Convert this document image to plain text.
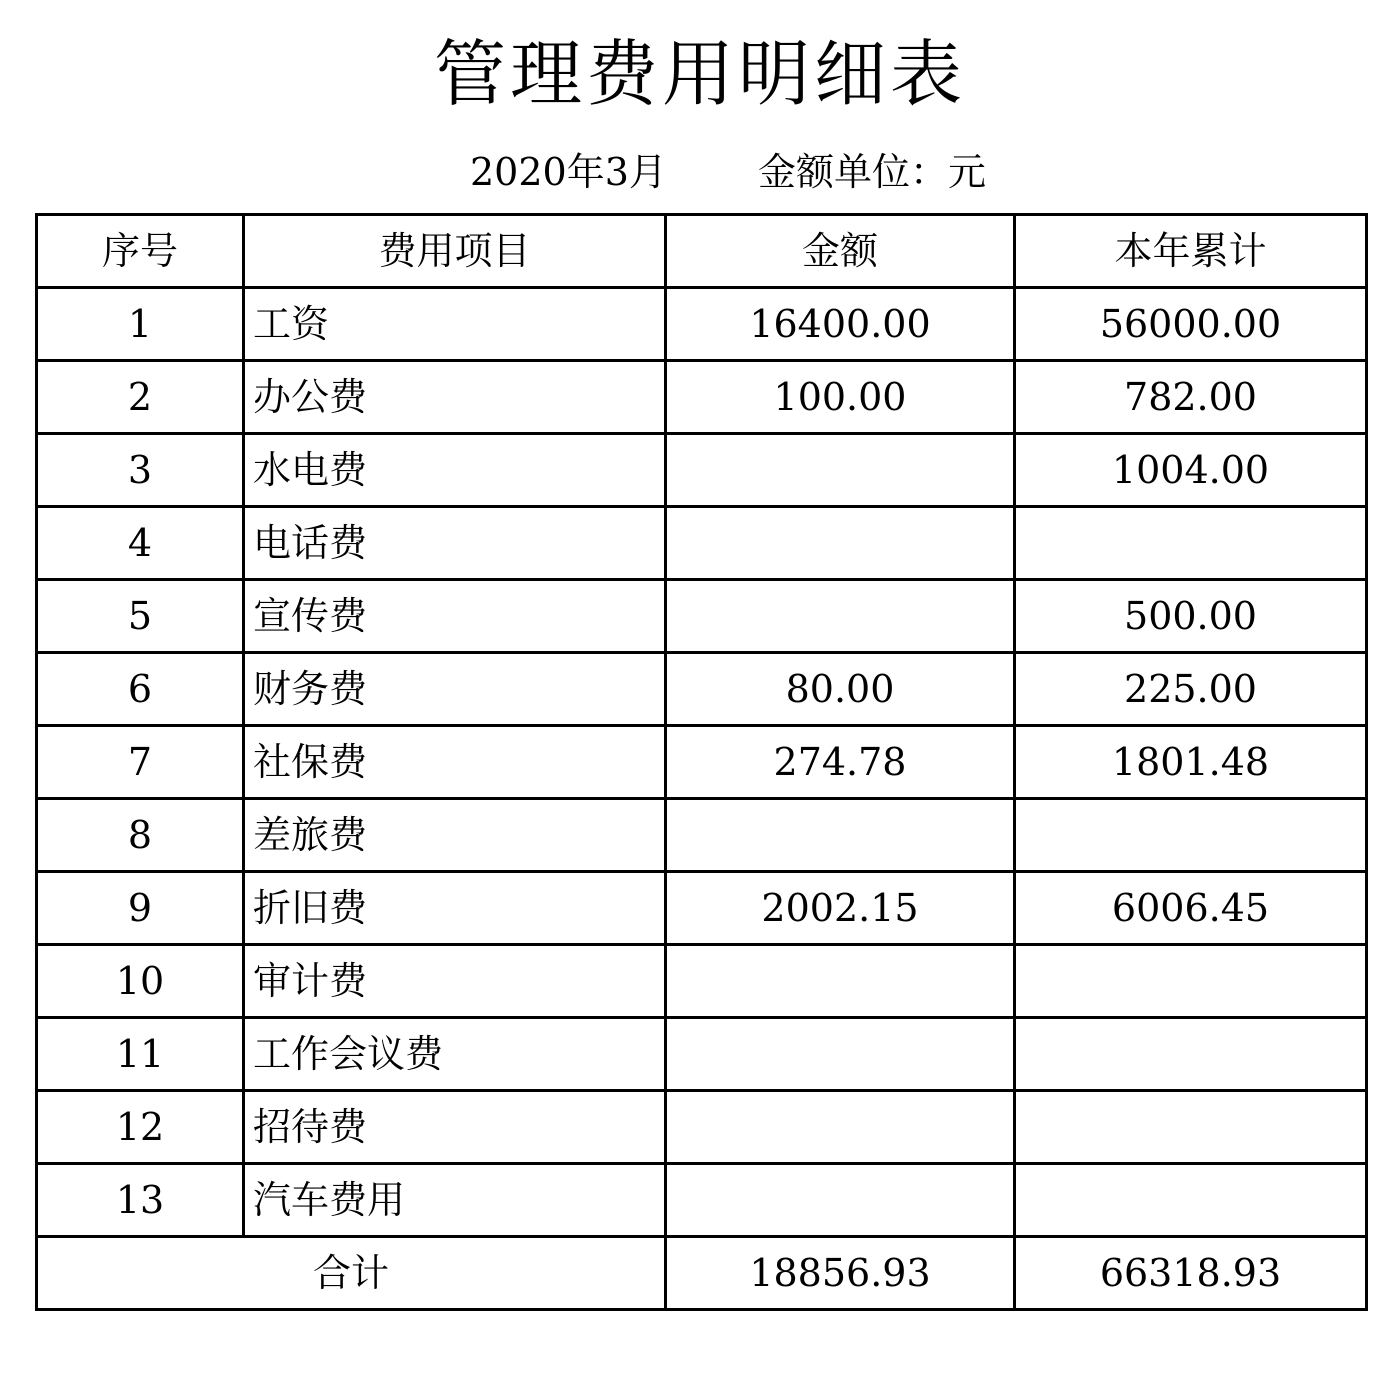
管理费用明细表
2020年3月 金额单位：元
序号	费用项目	金额	本年累计
1	工资	16400.00	56000.00
2	办公费	100.00	782.00
3	水电费		1004.00
4	电话费		
5	宣传费		500.00
6	财务费	80.00	225.00
7	社保费	274.78	1801.48
8	差旅费		
9	折旧费	2002.15	6006.45
10	审计费		
11	工作会议费		
12	招待费		
13	汽车费用		
合计		18856.93	66318.93
